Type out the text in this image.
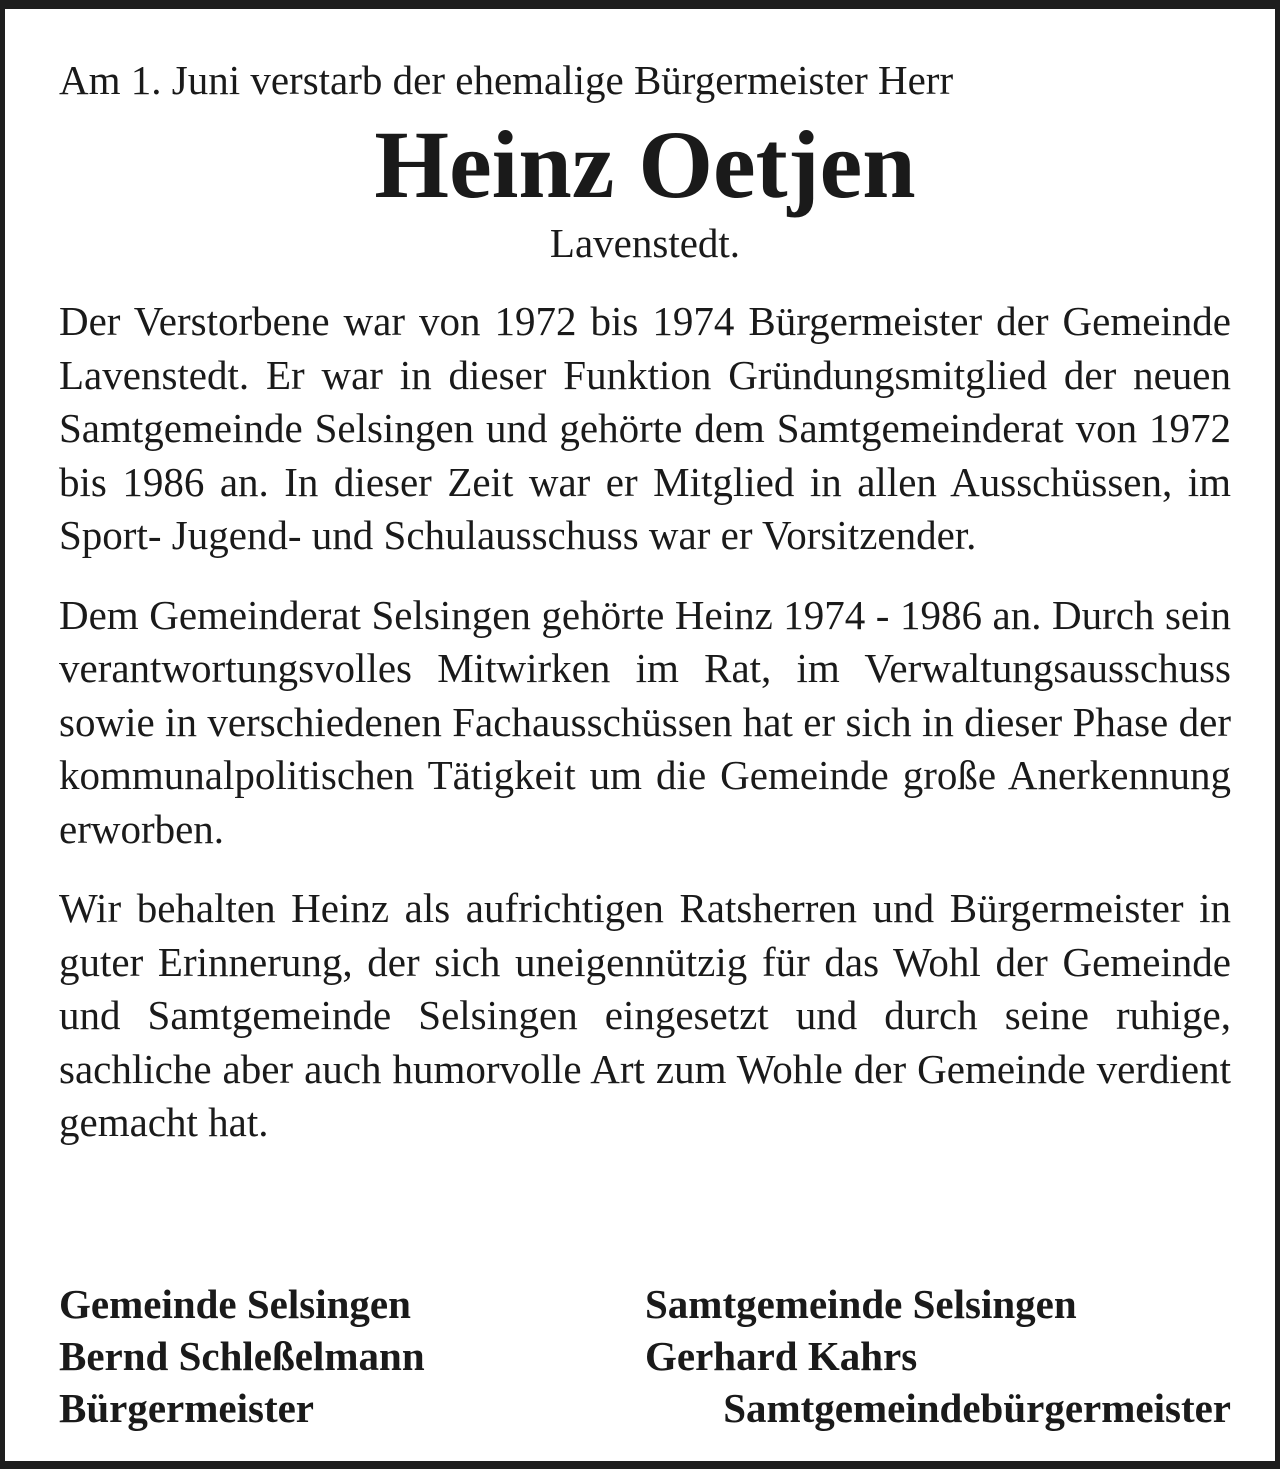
Am 1. Juni verstarb der ehemalige Bürgermeister Herr

Heinz Oetjen

Lavenstedt.

Der Verstorbene war von 1972 bis 1974 Bürgermeister der Gemeinde Lavenstedt. Er war in dieser Funktion Gründungsmitglied der neuen Samtgemeinde Selsingen und gehörte dem Samtgemeinderat von 1972 bis 1986 an. In dieser Zeit war er Mitglied in allen Ausschüssen, im Sport- Jugend- und Schulausschuss war er Vorsitzender.

Dem Gemeinderat Selsingen gehörte Heinz 1974 - 1986 an. Durch sein verantwortungsvolles Mitwirken im Rat, im Verwaltungsausschuss sowie in verschiedenen Fachausschüssen hat er sich in dieser Phase der kommunalpolitischen Tätigkeit um die Gemeinde große Anerkennung erworben.

Wir behalten Heinz als aufrichtigen Ratsherren und Bürgermeister in guter Erinnerung, der sich uneigennützig für das Wohl der Gemeinde und Samtgemeinde Selsingen eingesetzt und durch seine ruhige, sachliche aber auch humorvolle Art zum Wohle der Gemeinde verdient gemacht hat.

Gemeinde Selsingen
Bernd Schleßelmann
Bürgermeister
Samtgemeinde Selsingen
Gerhard Kahrs
Samtgemeindebürgermeister
